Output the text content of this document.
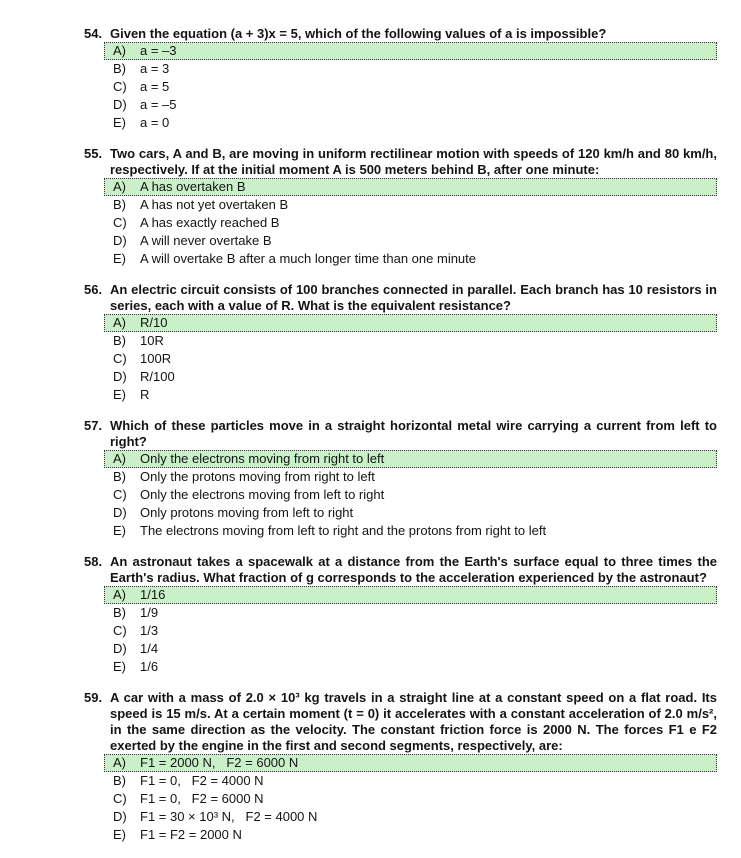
54. Given the equation (a + 3)x = 5, which of the following values of a is impossible?
A)	a = –3
B)	a = 3
C)	a = 5
D)	a = –5
E)	a = 0
55. Two cars, A and B, are moving in uniform rectilinear motion with speeds of 120 km/h and 80 km/h, respectively. If at the initial moment A is 500 meters behind B, after one minute:
A)	A has overtaken B
B)	A has not yet overtaken B
C)	A has exactly reached B
D)	A will never overtake B
E)	A will overtake B after a much longer time than one minute
56. An electric circuit consists of 100 branches connected in parallel. Each branch has 10 resistors in series, each with a value of R. What is the equivalent resistance?
A)	R/10
B)	10R
C)	100R
D)	R/100
E)	R
57. Which of these particles move in a straight horizontal metal wire carrying a current from left to right?
A)	Only the electrons moving from right to left
B)	Only the protons moving from right to left
C)	Only the electrons moving from left to right
D)	Only protons moving from left to right
E)	The electrons moving from left to right and the protons from right to left
58. An astronaut takes a spacewalk at a distance from the Earth's surface equal to three times the Earth's radius. What fraction of g corresponds to the acceleration experienced by the astronaut?
A)	1/16
B)	1/9
C)	1/3
D)	1/4
E)	1/6
59. A car with a mass of 2.0 × 10³ kg travels in a straight line at a constant speed on a flat road. Its speed is 15 m/s. At a certain moment (t = 0) it accelerates with a constant acceleration of 2.0 m/s², in the same direction as the velocity. The constant friction force is 2000 N. The forces F1 e F2 exerted by the engine in the first and second segments, respectively, are:
A)	F1 = 2000 N,   F2 = 6000 N
B)	F1 = 0,   F2 = 4000 N
C)	F1 = 0,   F2 = 6000 N
D)	F1 = 30 × 10³ N,   F2 = 4000 N
E)	F1 = F2 = 2000 N
